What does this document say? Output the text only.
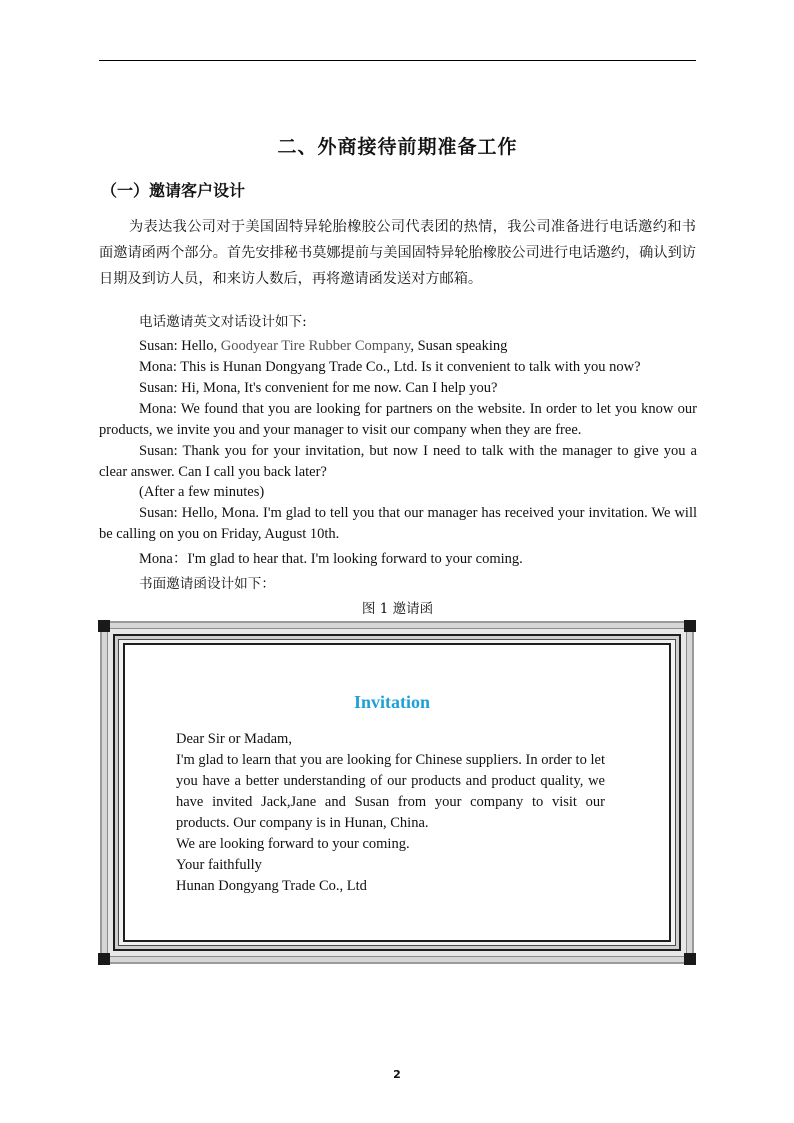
二、外商接待前期准备工作
（一）邀请客户设计
为表达我公司对于美国固特异轮胎橡胶公司代表团的热情，我公司准备进行电话邀约和书面邀请函两个部分。首先安排秘书莫娜提前与美国固特异轮胎橡胶公司进行电话邀约，确认到访日期及到访人员，和来访人数后，再将邀请函发送对方邮箱。
电话邀请英文对话设计如下:
Susan: Hello, Goodyear Tire Rubber Company, Susan speaking
Mona: This is Hunan Dongyang Trade Co., Ltd. Is it convenient to talk with you now?
Susan: Hi, Mona, It's convenient for me now. Can I help you?
Mona: We found that you are looking for partners on the website. In order to let you know our products, we invite you and your manager to visit our company when they are free.
Susan: Thank you for your invitation, but now I need to talk with the manager to give you a clear answer. Can I call you back later?
(After a few minutes)
Susan: Hello, Mona. I'm glad to tell you that our manager has received your invitation. We will be calling on you on Friday, August 10th.
Mona：I'm glad to hear that. I'm looking forward to your coming.
书面邀请函设计如下：
图 1 邀请函
Invitation
Dear Sir or Madam,
I'm glad to learn that you are looking for Chinese suppliers. In order to let you have a better understanding of our products and product quality, we have invited Jack,Jane and Susan from your company to visit our products. Our company is in Hunan, China.
We are looking forward to your coming.
Your faithfully
Hunan Dongyang Trade Co., Ltd
2
